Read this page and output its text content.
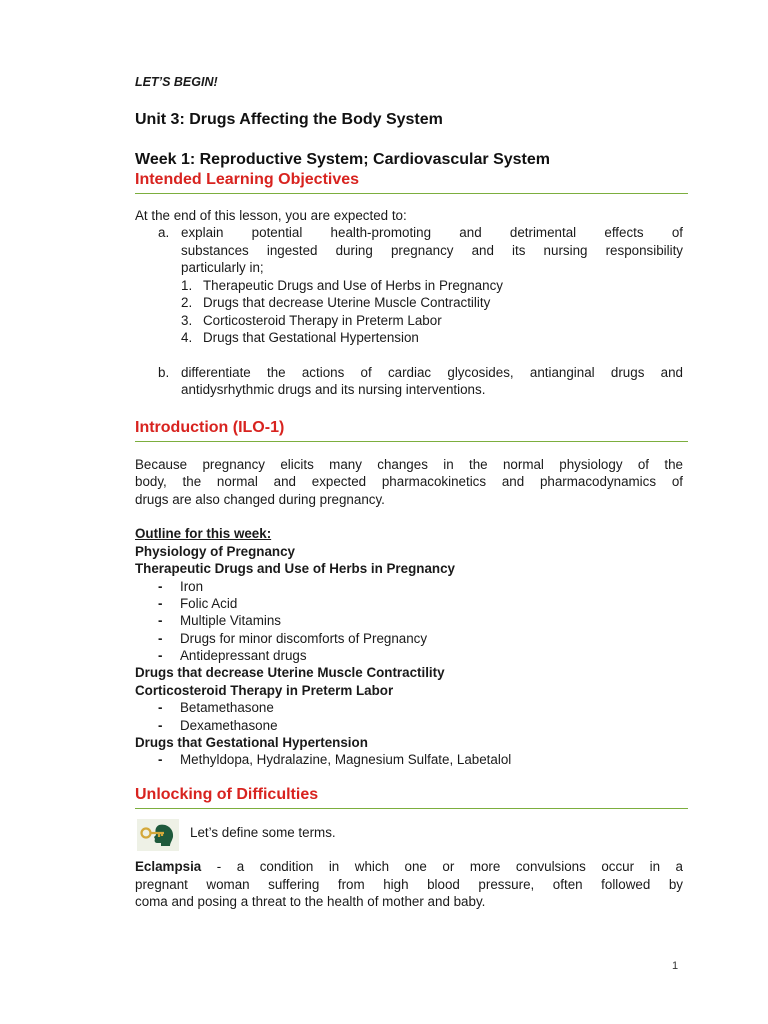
LET’S BEGIN!
Unit 3: Drugs Affecting the Body System
Week 1: Reproductive System; Cardiovascular System
Intended Learning Objectives
At the end of this lesson, you are expected to:
a. explain potential health-promoting and detrimental effects of
substances ingested during pregnancy and its nursing responsibility
particularly in;
1. Therapeutic Drugs and Use of Herbs in Pregnancy
2. Drugs that decrease Uterine Muscle Contractility
3. Corticosteroid Therapy in Preterm Labor
4. Drugs that Gestational Hypertension
b. differentiate the actions of cardiac glycosides, antianginal drugs and
antidysrhythmic drugs and its nursing interventions.
Introduction (ILO-1)
Because pregnancy elicits many changes in the normal physiology of the
body, the normal and expected pharmacokinetics and pharmacodynamics of
drugs are also changed during pregnancy.
Outline for this week:
Physiology of Pregnancy
Therapeutic Drugs and Use of Herbs in Pregnancy
- Iron
- Folic Acid
- Multiple Vitamins
- Drugs for minor discomforts of Pregnancy
- Antidepressant drugs
Drugs that decrease Uterine Muscle Contractility
Corticosteroid Therapy in Preterm Labor
- Betamethasone
- Dexamethasone
Drugs that Gestational Hypertension
- Methyldopa, Hydralazine, Magnesium Sulfate, Labetalol
Unlocking of Difficulties
Let’s define some terms.
Eclampsia - a condition in which one or more convulsions occur in a
pregnant woman suffering from high blood pressure, often followed by
coma and posing a threat to the health of mother and baby.
1
